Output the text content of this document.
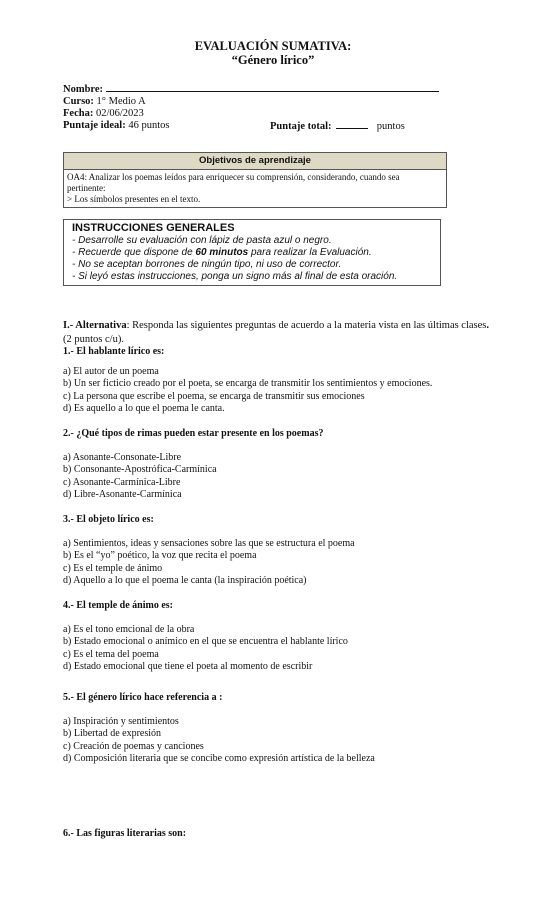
EVALUACIÓN SUMATIVA:
“Género lírico”
Nombre:
Curso: 1° Medio A
Fecha: 02/06/2023
Puntaje ideal: 46 puntos	Puntaje total:	puntos
Objetivos de aprendizaje
OA4: Analizar los poemas leídos para enriquecer su comprensión, considerando, cuando sea
pertinente:
> Los símbolos presentes en el texto.
INSTRUCCIONES GENERALES
- Desarrolle su evaluación con lápiz de pasta azul o negro.
- Recuerde que dispone de 60 minutos para realizar la Evaluación.
- No se aceptan borrones de ningún tipo, ni uso de corrector.
- Si leyó estas instrucciones, ponga un signo más al final de esta oración.
I.- Alternativa: Responda las siguientes preguntas de acuerdo a la materia vista en las últimas clases.
(2 puntos c/u).
1.- El hablante lírico es:
a) El autor de un poema
b) Un ser ficticio creado por el poeta, se encarga de transmitir los sentimientos y emociones.
c) La persona que escribe el poema, se encarga de transmitir sus emociones
d) Es aquello a lo que el poema le canta.
2.- ¿Qué tipos de rimas pueden estar presente en los poemas?
a) Asonante-Consonate-Libre
b) Consonante-Apostrófica-Carmínica
c) Asonante-Carmínica-Libre
d) Libre-Asonante-Carmínica
3.- El objeto lírico es:
a) Sentimientos, ideas y sensaciones sobre las que se estructura el poema
b) Es el “yo” poético, la voz que recita el poema
c) Es el temple de ánimo
d) Aquello a lo que el poema le canta (la inspiración poética)
4.- El temple de ánimo es:
a) Es el tono emcional de la obra
b) Estado emocional o anímico en el que se encuentra el hablante lírico
c) Es el tema del poema
d) Estado emocional que tiene el poeta al momento de escribir
5.- El género lírico hace referencia a :
a) Inspiración y sentimientos
b) Libertad de expresión
c) Creación de poemas y canciones
d) Composición literaria que se concibe como expresión artística de la belleza
6.- Las figuras literarias son:
